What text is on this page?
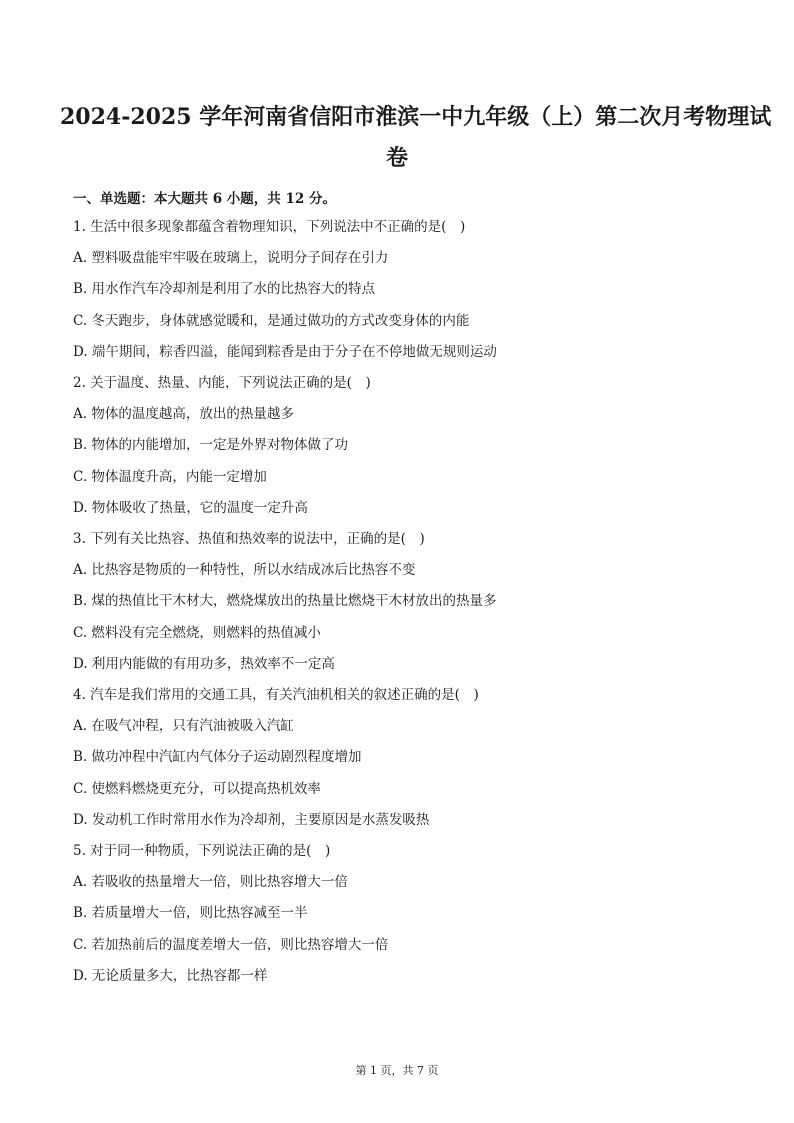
2024-2025 学年河南省信阳市淮滨一中九年级（上）第二次月考物理试
卷
一、单选题：本大题共 6 小题，共 12 分。
1. 生活中很多现象都蕴含着物理知识，下列说法中不正确的是(　)
A. 塑料吸盘能牢牢吸在玻璃上，说明分子间存在引力
B. 用水作汽车冷却剂是利用了水的比热容大的特点
C. 冬天跑步，身体就感觉暖和，是通过做功的方式改变身体的内能
D. 端午期间，粽香四溢，能闻到粽香是由于分子在不停地做无规则运动
2. 关于温度、热量、内能，下列说法正确的是(　)
A. 物体的温度越高，放出的热量越多
B. 物体的内能增加，一定是外界对物体做了功
C. 物体温度升高，内能一定增加
D. 物体吸收了热量，它的温度一定升高
3. 下列有关比热容、热值和热效率的说法中，正确的是(　)
A. 比热容是物质的一种特性，所以水结成冰后比热容不变
B. 煤的热值比干木材大，燃烧煤放出的热量比燃烧干木材放出的热量多
C. 燃料没有完全燃烧，则燃料的热值减小
D. 利用内能做的有用功多，热效率不一定高
4. 汽车是我们常用的交通工具，有关汽油机相关的叙述正确的是(　)
A. 在吸气冲程，只有汽油被吸入汽缸
B. 做功冲程中汽缸内气体分子运动剧烈程度增加
C. 使燃料燃烧更充分，可以提高热机效率
D. 发动机工作时常用水作为冷却剂，主要原因是水蒸发吸热
5. 对于同一种物质，下列说法正确的是(　)
A. 若吸收的热量增大一倍，则比热容增大一倍
B. 若质量增大一倍，则比热容减至一半
C. 若加热前后的温度差增大一倍，则比热容增大一倍
D. 无论质量多大，比热容都一样
第 1 页，共 7 页
